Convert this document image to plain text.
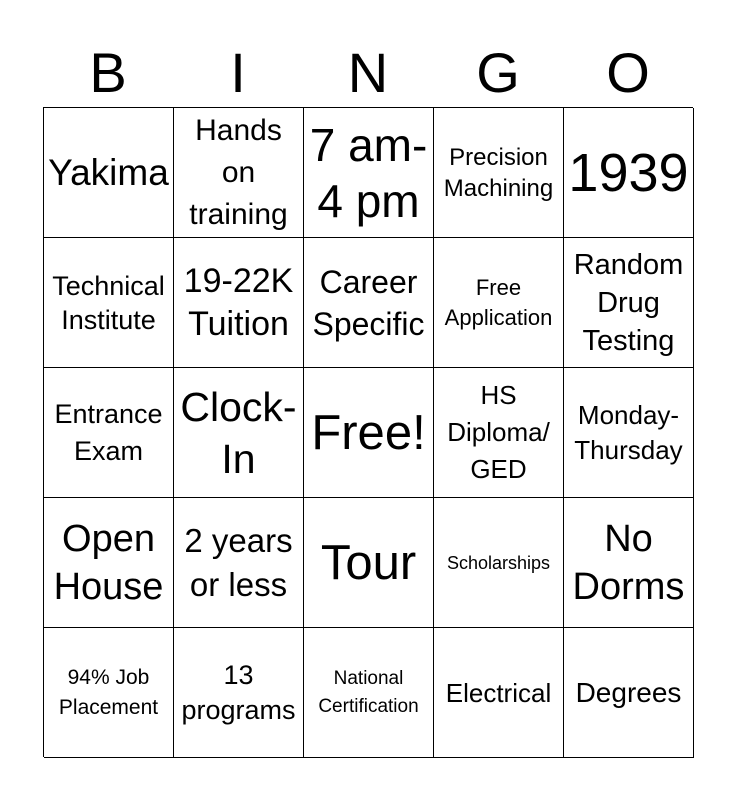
B	I	N	G	O
Yakima
Hands
on
training
7 am-
4 pm
Precision
Machining 1939
Technical
Institute
19-22K
Tuition
Career
Specific
Free
Application
Random
Drug
Testing
Entrance
Exam
Clock-
In	Free!
HS
Diploma/
GED
Monday-
Thursday
Open
House
2 years
or less Tour Scholarships
No
Dorms
94% Job
Placement
13
programs
National
Certification Electrical Degrees
